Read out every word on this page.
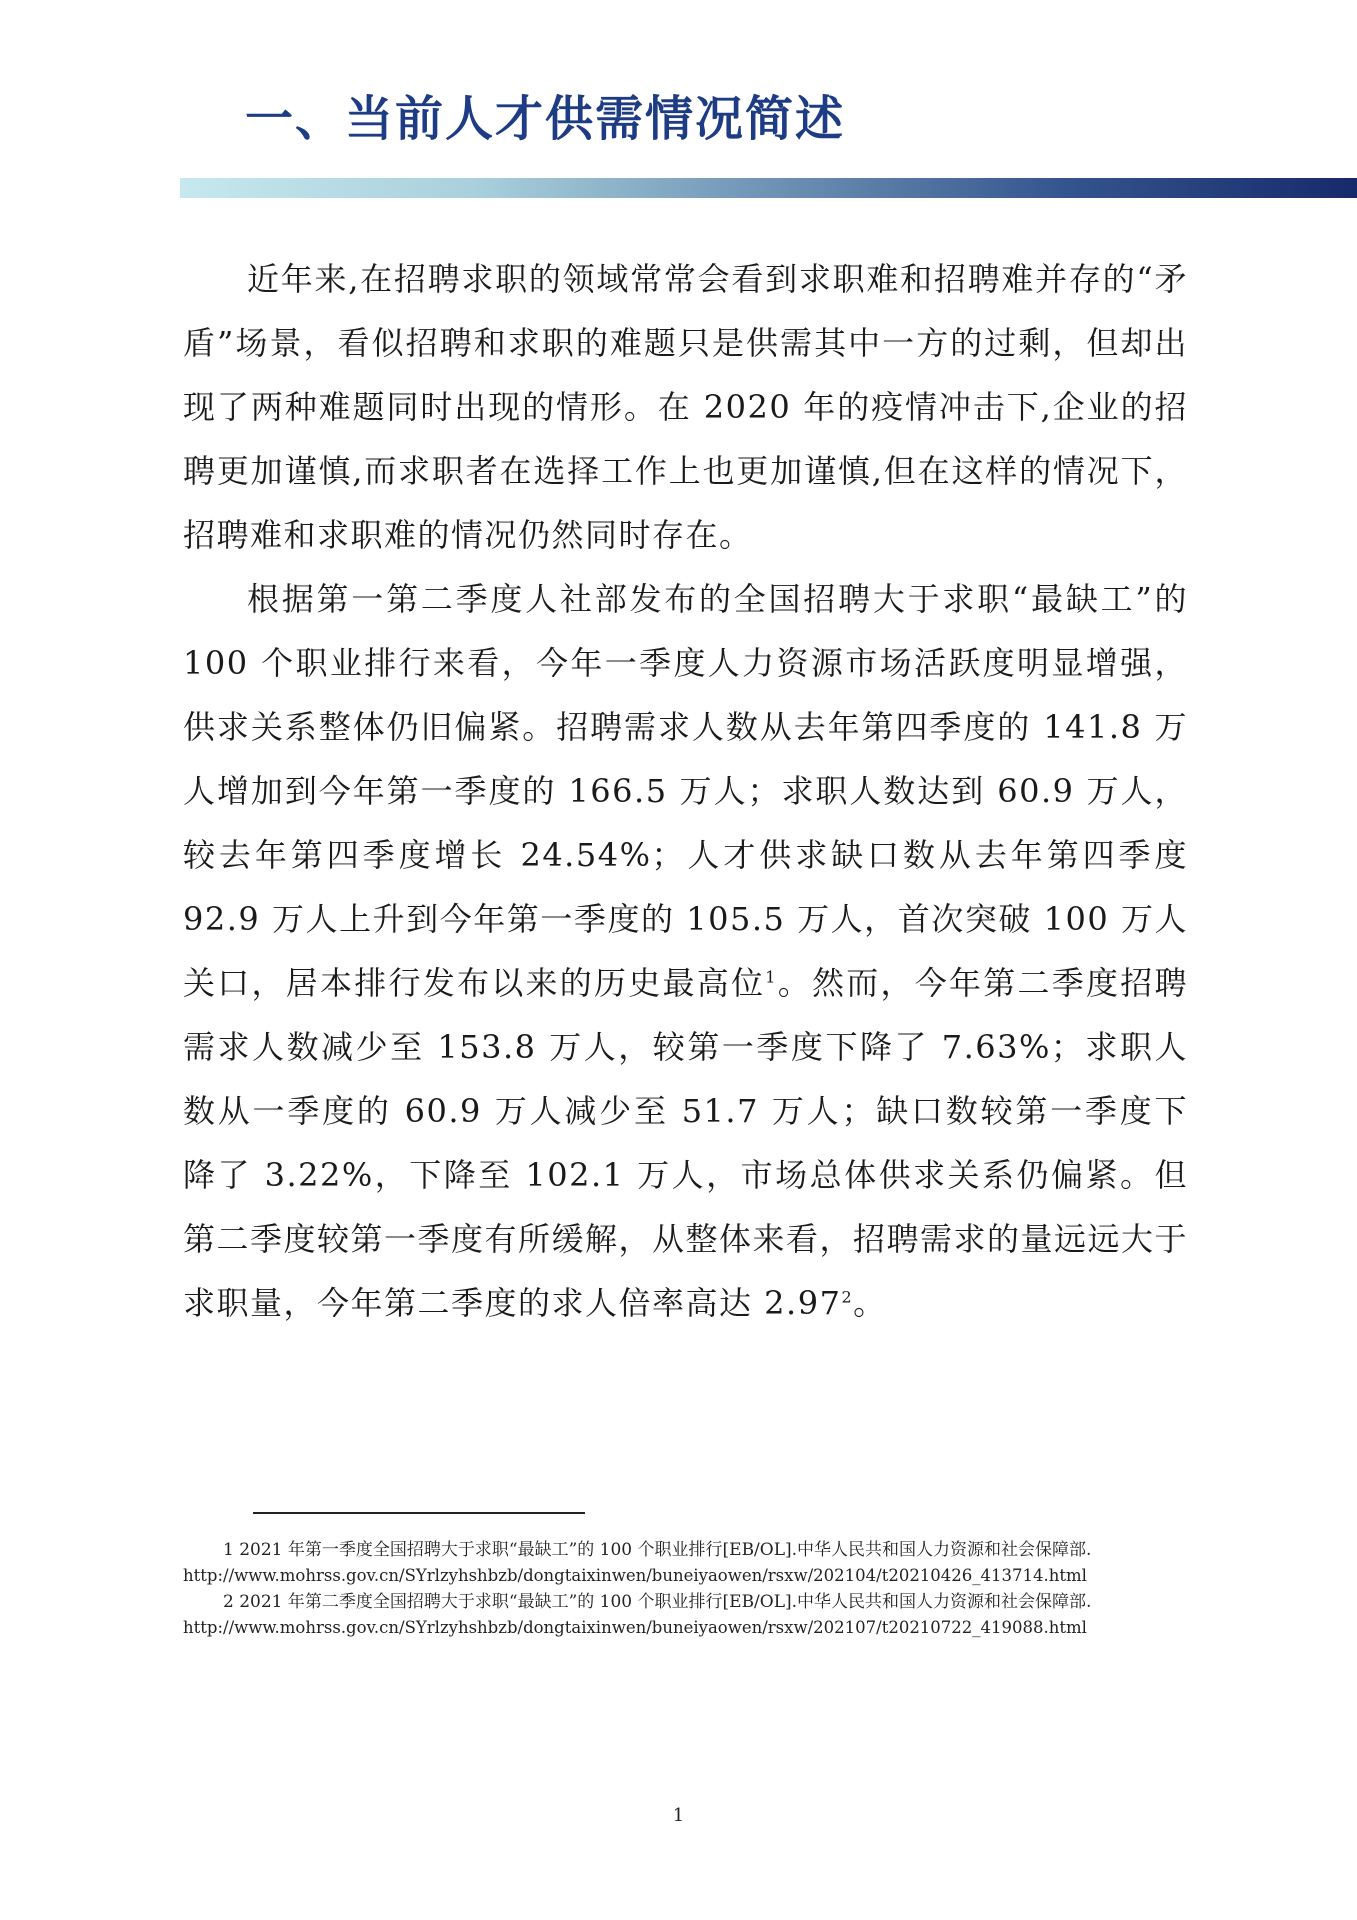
一、当前人才供需情况简述

近年来,在招聘求职的领域常常会看到求职难和招聘难并存的“矛盾”场景，看似招聘和求职的难题只是供需其中一方的过剩，但却出现了两种难题同时出现的情形。在 2020 年的疫情冲击下,企业的招聘更加谨慎,而求职者在选择工作上也更加谨慎,但在这样的情况下，招聘难和求职难的情况仍然同时存在。

根据第一第二季度人社部发布的全国招聘大于求职“最缺工”的 100 个职业排行来看，今年一季度人力资源市场活跃度明显增强，供求关系整体仍旧偏紧。招聘需求人数从去年第四季度的 141.8 万人增加到今年第一季度的 166.5 万人；求职人数达到 60.9 万人，较去年第四季度增长 24.54%；人才供求缺口数从去年第四季度 92.9 万人上升到今年第一季度的 105.5 万人，首次突破 100 万人关口，居本排行发布以来的历史最高位$^1$。然而，今年第二季度招聘需求人数减少至 153.8 万人，较第一季度下降了 7.63%；求职人数从一季度的 60.9 万人减少至 51.7 万人；缺口数较第一季度下降了 3.22%，下降至 102.1 万人，市场总体供求关系仍偏紧。但第二季度较第一季度有所缓解，从整体来看，招聘需求的量远远大于求职量，今年第二季度的求人倍率高达 2.97$^2$。

1 2021 年第一季度全国招聘大于求职“最缺工”的 100 个职业排行[EB/OL].中华人民共和国人力资源和社会保障部.

http://www.mohrss.gov.cn/SYrlzyhshbzb/dongtaixinwen/buneiyaowen/rsxw/202104/t20210426_413714.html

2 2021 年第二季度全国招聘大于求职“最缺工”的 100 个职业排行[EB/OL].中华人民共和国人力资源和社会保障部.

http://www.mohrss.gov.cn/SYrlzyhshbzb/dongtaixinwen/buneiyaowen/rsxw/202107/t20210722_419088.html

1
